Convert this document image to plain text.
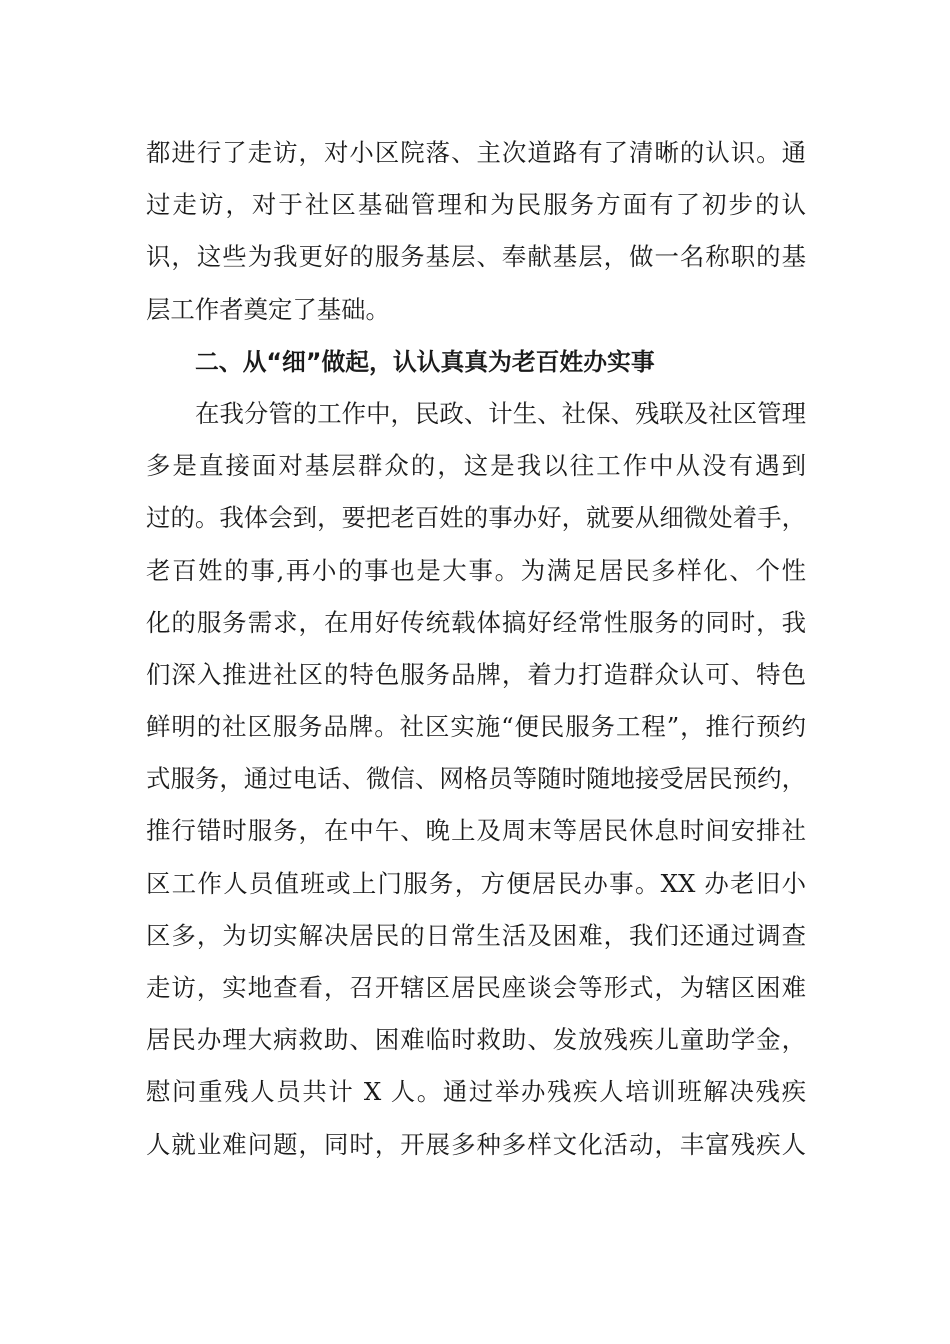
都进行了走访，对小区院落、主次道路有了清晰的认识。通
过走访，对于社区基础管理和为民服务方面有了初步的认
识，这些为我更好的服务基层、奉献基层，做一名称职的基
层工作者奠定了基础。
二、从“细”做起，认认真真为老百姓办实事
在我分管的工作中，民政、计生、社保、残联及社区管理
多是直接面对基层群众的，这是我以往工作中从没有遇到
过的。我体会到，要把老百姓的事办好，就要从细微处着手，
老百姓的事,再小的事也是大事。为满足居民多样化、个性
化的服务需求，在用好传统载体搞好经常性服务的同时，我
们深入推进社区的特色服务品牌，着力打造群众认可、特色
鲜明的社区服务品牌。社区实施“便民服务工程”，推行预约
式服务，通过电话、微信、网格员等随时随地接受居民预约，
推行错时服务，在中午、晚上及周末等居民休息时间安排社
区工作人员值班或上门服务，方便居民办事。XX 办老旧小
区多，为切实解决居民的日常生活及困难，我们还通过调查
走访，实地查看，召开辖区居民座谈会等形式，为辖区困难
居民办理大病救助、困难临时救助、发放残疾儿童助学金，
慰问重残人员共计 X 人。通过举办残疾人培训班解决残疾
人就业难问题，同时，开展多种多样文化活动，丰富残疾人
